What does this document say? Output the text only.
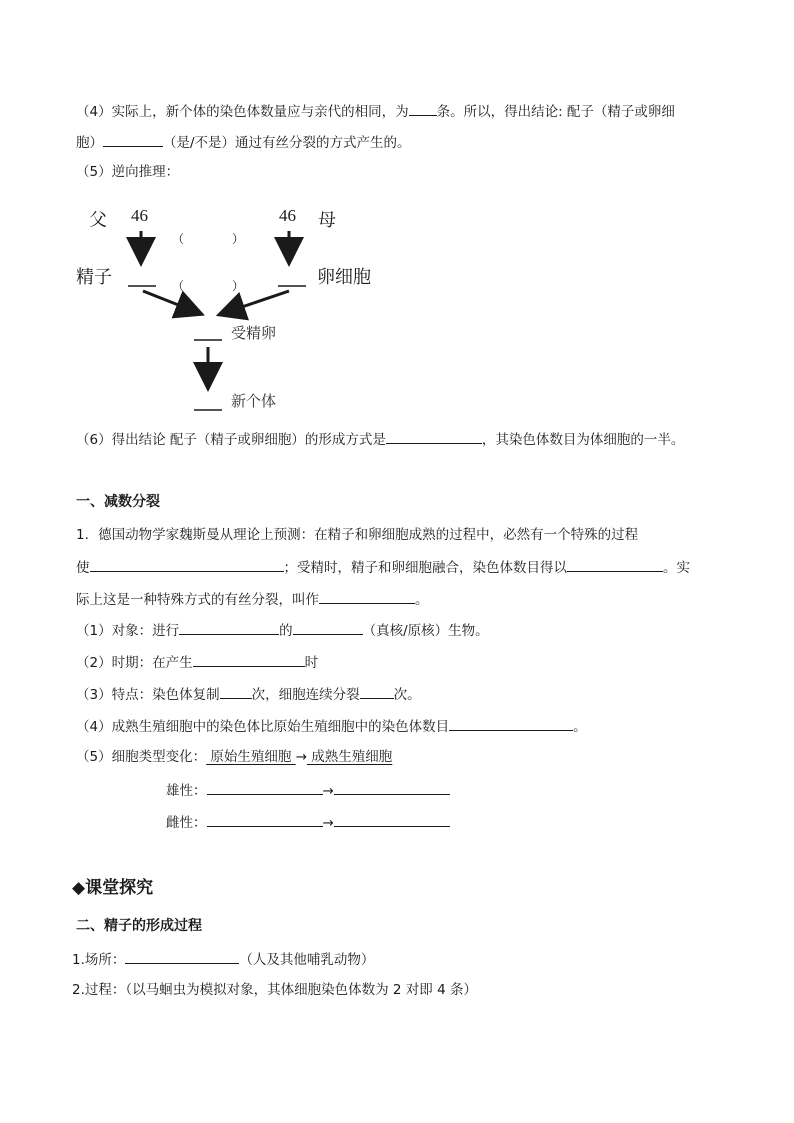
（4）实际上，新个体的染色体数量应与亲代的相同，为 条。所以，得出结论: 配子（精子或卵细
胞）	（是/不是）通过有丝分裂的方式产生的。
（5）逆向推理：
父 46	46 母
（　　　　）
精子	卵细胞
（　　　　）
受精卵
新个体
（6）得出结论 配子（精子或卵细胞）的形成方式是	，其染色体数目为体细胞的一半。
一、减数分裂
1．德国动物学家魏斯曼从理论上预测：在精子和卵细胞成熟的过程中，必然有一个特殊的过程
使	；受精时，精子和卵细胞融合，染色体数目得以	。实
际上这是一种特殊方式的有丝分裂，叫作	。
（1）对象：进行	的	（真核/原核）生物。
（2）时期：在产生	时
（3）特点：染色体复制 次，细胞连续分裂	次。
（4）成熟生殖细胞中的染色体比原始生殖细胞中的染色体数目	。
（5）细胞类型变化： 原始生殖细胞 → 成熟生殖细胞
雄性：	→
雌性：	→
◆课堂探究
二、精子的形成过程
1.场所：	（人及其他哺乳动物）
2.过程：（以马蛔虫为模拟对象，其体细胞染色体数为 2 对即 4 条）
